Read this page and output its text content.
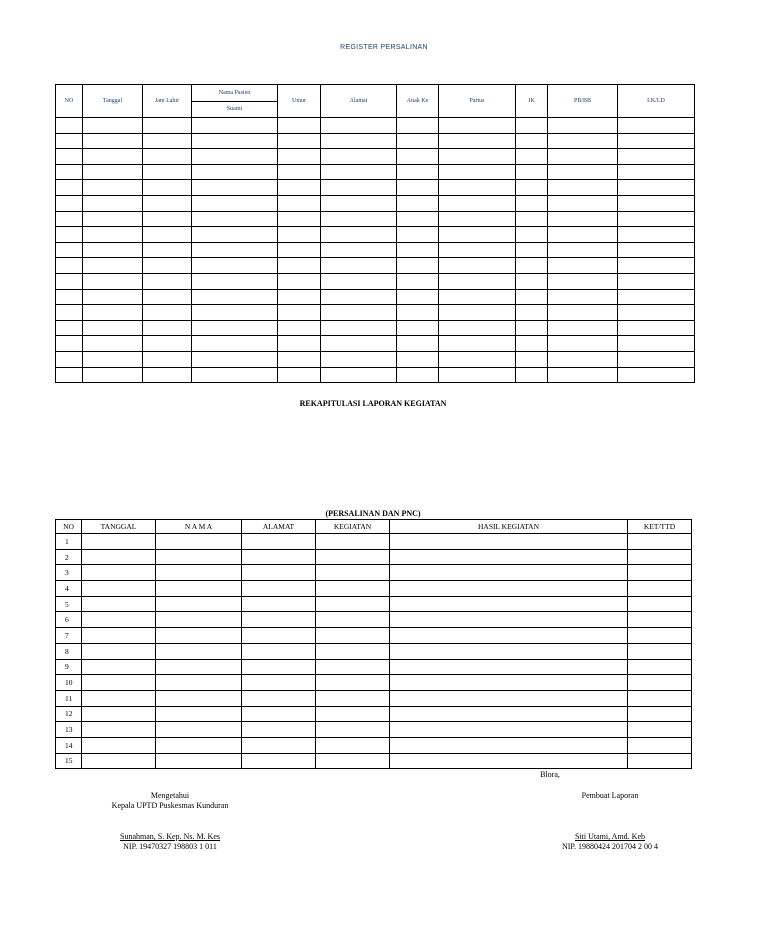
REGISTER PERSALINAN
NO	Tanggal	Jam Lahir	Nama Pasien	Umur	Alamat	Anak Ke	Partus	JK	PB/BB	LK/LD
			Suami							

REKAPITULASI LAPORAN KEGIATAN
(PERSALINAN DAN PNC)
NO	TANGGAL	N A M A	ALAMAT	KEGIATAN	HASIL KEGIATAN	KET/TTD
1						
2						
3						
4						
5						
6						
7						
8						
9						
10						
11						
12						
13						
14						
15						
Blora,
Mengetahui
Kepala UPTD Puskesmas Kunduran
Sunahman, S. Kep. Ns. M. Kes
NIP. 19470327 198803 1 011
Pembuat Laporan
Siti Utami, Amd. Keb
NIP. 19880424 201704 2 00 4
